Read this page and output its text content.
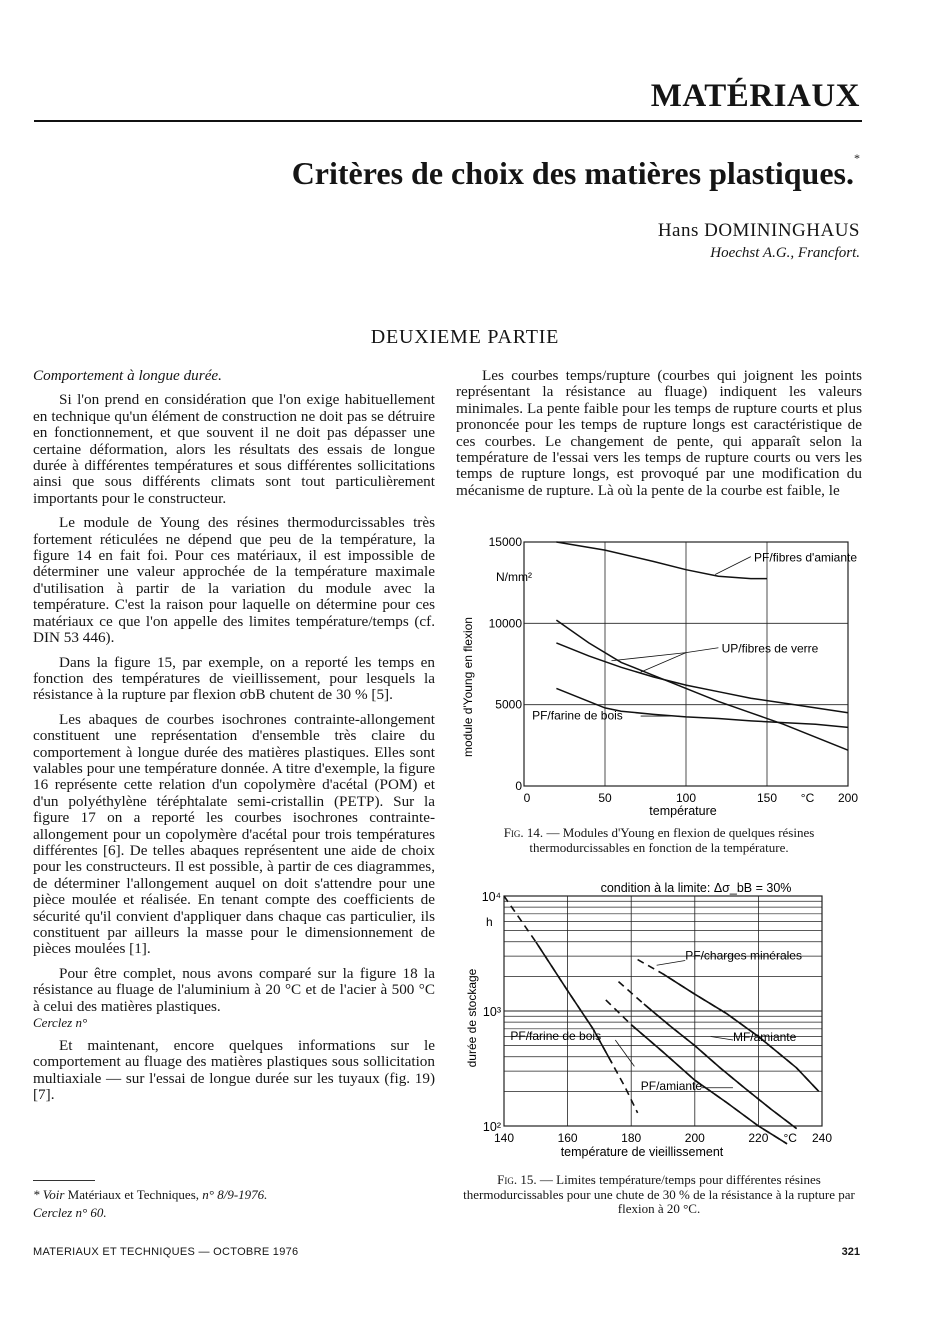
MATÉRIAUX
Critères de choix des matières plastiques.*
Hans DOMININGHAUS
Hoechst A.G., Francfort.
DEUXIEME PARTIE

Comportement à longue durée.

Si l'on prend en considération que l'on exige habituellement en technique qu'un élément de construction ne doit pas se détruire en fonctionnement, et que souvent il ne doit pas dépasser une certaine déformation, alors les résultats des essais de longue durée à différentes températures et sous différentes sollicitations ainsi que sous différents climats sont tout particulièrement importants pour le constructeur.

Le module de Young des résines thermodurcissables très fortement réticulées ne dépend que peu de la température, la figure 14 en fait foi. Pour ces matériaux, il est impossible de déterminer une valeur approchée de la température maximale d'utilisation à partir de la variation du module avec la température. C'est la raison pour laquelle on détermine pour ces matériaux ce que l'on appelle des limites température/temps (cf. DIN 53 446).

Dans la figure 15, par exemple, on a reporté les temps en fonction des températures de vieillissement, pour lesquels la résistance à la rupture par flexion σbB chutent de 30 % [5].

Les abaques de courbes isochrones contrainte-allongement constituent une représentation d'ensemble très claire du comportement à longue durée des matières plastiques. Elles sont valables pour une température donnée. A titre d'exemple, la figure 16 représente cette relation d'un copolymère d'acétal (POM) et d'un polyéthylène téréphtalate semi-cristallin (PETP). Sur la figure 17 on a reporté les courbes isochrones contrainte-allongement pour un copolymère d'acétal pour trois températures différentes [6]. De telles abaques représentent une aide de choix pour les constructeurs. Il est possible, à partir de ces diagrammes, de déterminer l'allongement auquel on doit s'attendre pour une pièce moulée et réalisée. En tenant compte des coefficients de sécurité qu'il convient d'appliquer dans chaque cas particulier, ils constituent par ailleurs la masse pour le dimensionnement de pièces moulées [1].

Pour être complet, nous avons comparé sur la figure 18 la résistance au fluage de l'aluminium à 20 °C et de l'acier à 500 °C à celui des matières plastiques.

Cerclez n°

Et maintenant, encore quelques informations sur le comportement au fluage des matières plastiques sous sollicitation multiaxiale — sur l'essai de longue durée sur les tuyaux (fig. 19) [7].

Les courbes temps/rupture (courbes qui joignent les points représentant la résistance au fluage) indiquent les valeurs minimales. La pente faible pour les temps de rupture courts et plus prononcée pour les temps de rupture longs est caractéristique de ces courbes. Le changement de pente, qui apparaît selon la température de l'essai vers les temps de rupture courts ou vers les temps de rupture longs, est provoqué par une modification du mécanisme de rupture. Là où la pente de la courbe est faible, le

0	50	100	150 °C 200
15000
10000
5000
0
N/mm²
module d'Young en flexion
température
PF/fibres d'amiante
UP/fibres de verre
PF/farine de bois
Fig. 14. — Modules d'Young en flexion de quelques résines thermodurcissables en fonction de la température.
condition à la limite: Δσ_bB = 30%
140	160	180	200	220 °C 240
10⁴
10³
10²
h
durée de stockage
température de vieillissement
PF/charges minérales
PF/farine de bois	MF/amiante
PF/amiante
Fig. 15. — Limites température/temps pour différentes résines thermodurcissables pour une chute de 30 % de la résistance à la rupture par flexion à 20 °C.
* Voir Matériaux et Techniques, n° 8/9-1976.
Cerclez n° 60.
MATERIAUX ET TECHNIQUES — OCTOBRE 1976	321
